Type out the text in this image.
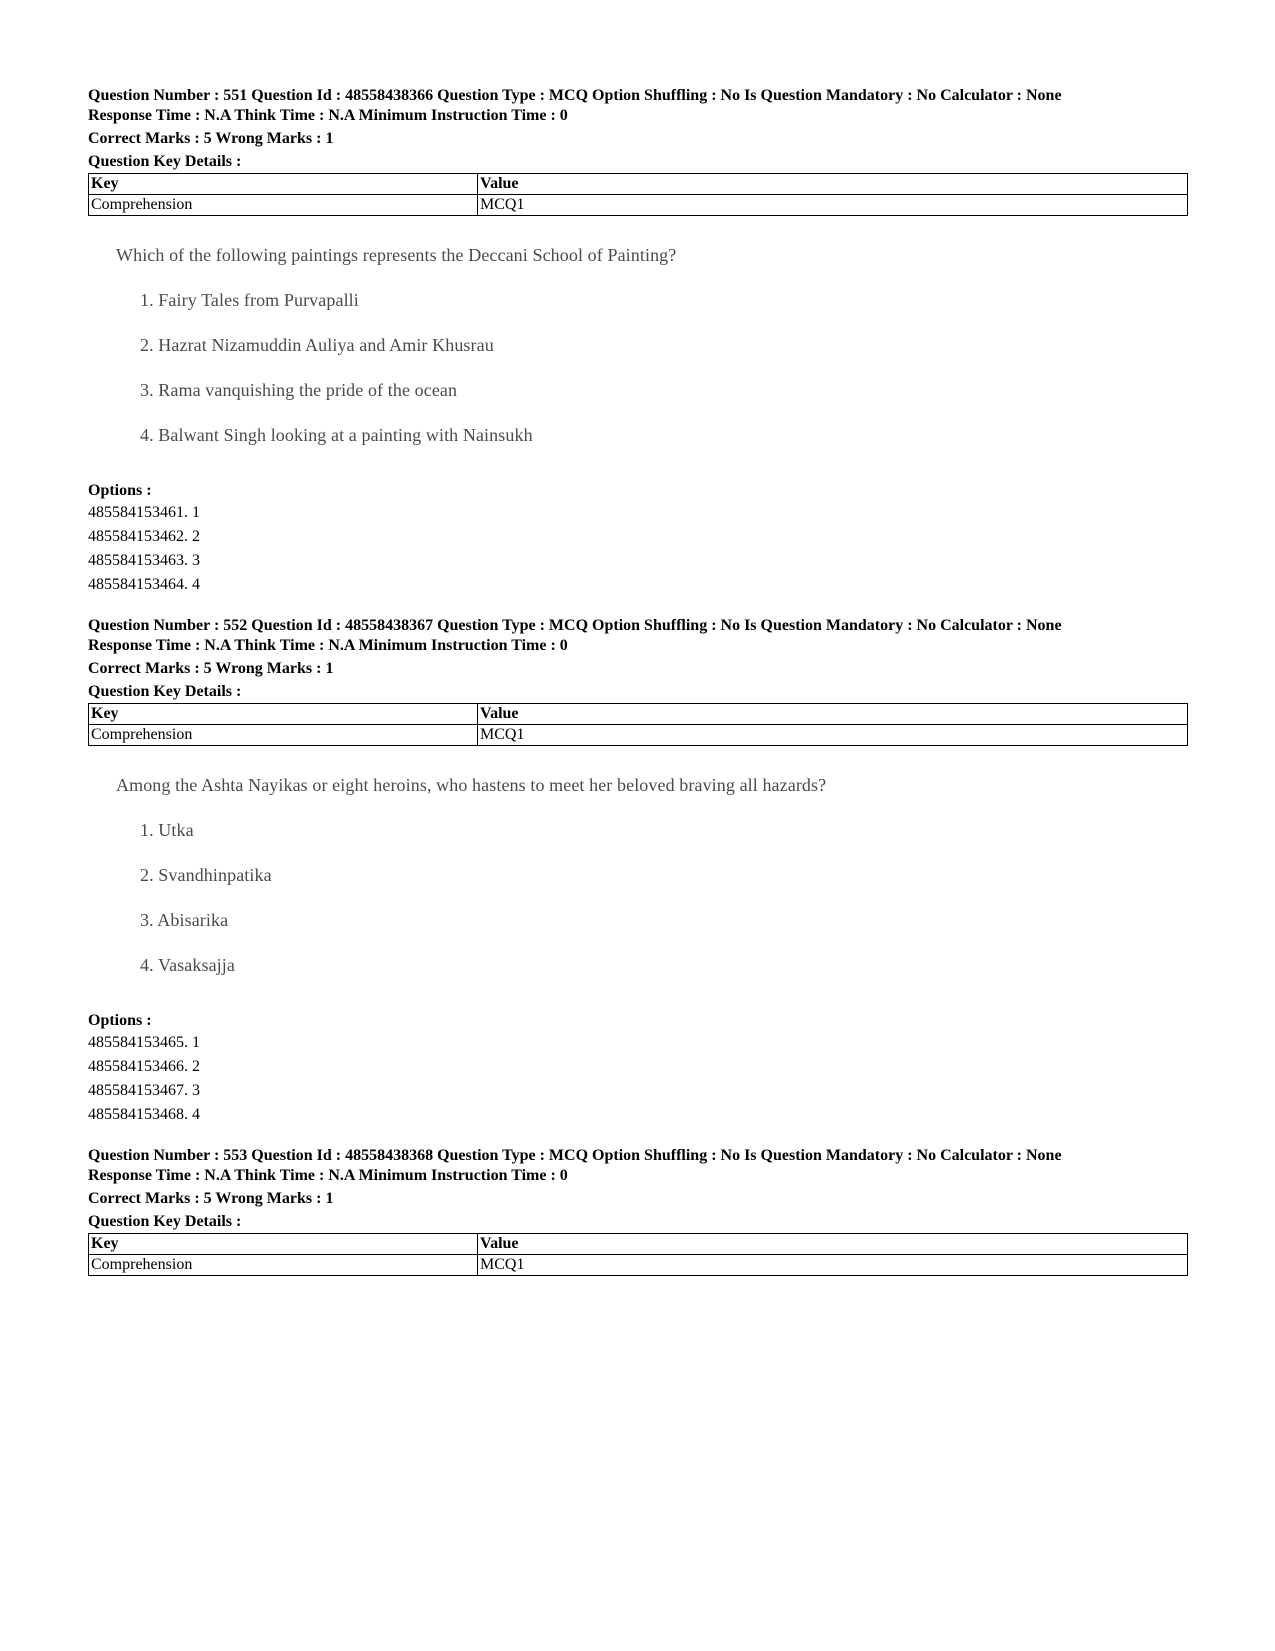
Question Number : 551 Question Id : 48558438366 Question Type : MCQ Option Shuffling : No Is Question Mandatory : No Calculator : None
Response Time : N.A Think Time : N.A Minimum Instruction Time : 0
Correct Marks : 5 Wrong Marks : 1
Question Key Details :
Key	Value
Comprehension	MCQ1
Which of the following paintings represents the Deccani School of Painting?
1. Fairy Tales from Purvapalli
2. Hazrat Nizamuddin Auliya and Amir Khusrau
3. Rama vanquishing the pride of the ocean
4. Balwant Singh looking at a painting with Nainsukh
Options :
485584153461. 1
485584153462. 2
485584153463. 3
485584153464. 4
Question Number : 552 Question Id : 48558438367 Question Type : MCQ Option Shuffling : No Is Question Mandatory : No Calculator : None
Response Time : N.A Think Time : N.A Minimum Instruction Time : 0
Correct Marks : 5 Wrong Marks : 1
Question Key Details :
Key	Value
Comprehension	MCQ1
Among the Ashta Nayikas or eight heroins, who hastens to meet her beloved braving all hazards?
1. Utka
2. Svandhinpatika
3. Abisarika
4. Vasaksajja
Options :
485584153465. 1
485584153466. 2
485584153467. 3
485584153468. 4
Question Number : 553 Question Id : 48558438368 Question Type : MCQ Option Shuffling : No Is Question Mandatory : No Calculator : None
Response Time : N.A Think Time : N.A Minimum Instruction Time : 0
Correct Marks : 5 Wrong Marks : 1
Question Key Details :
Key	Value
Comprehension	MCQ1
